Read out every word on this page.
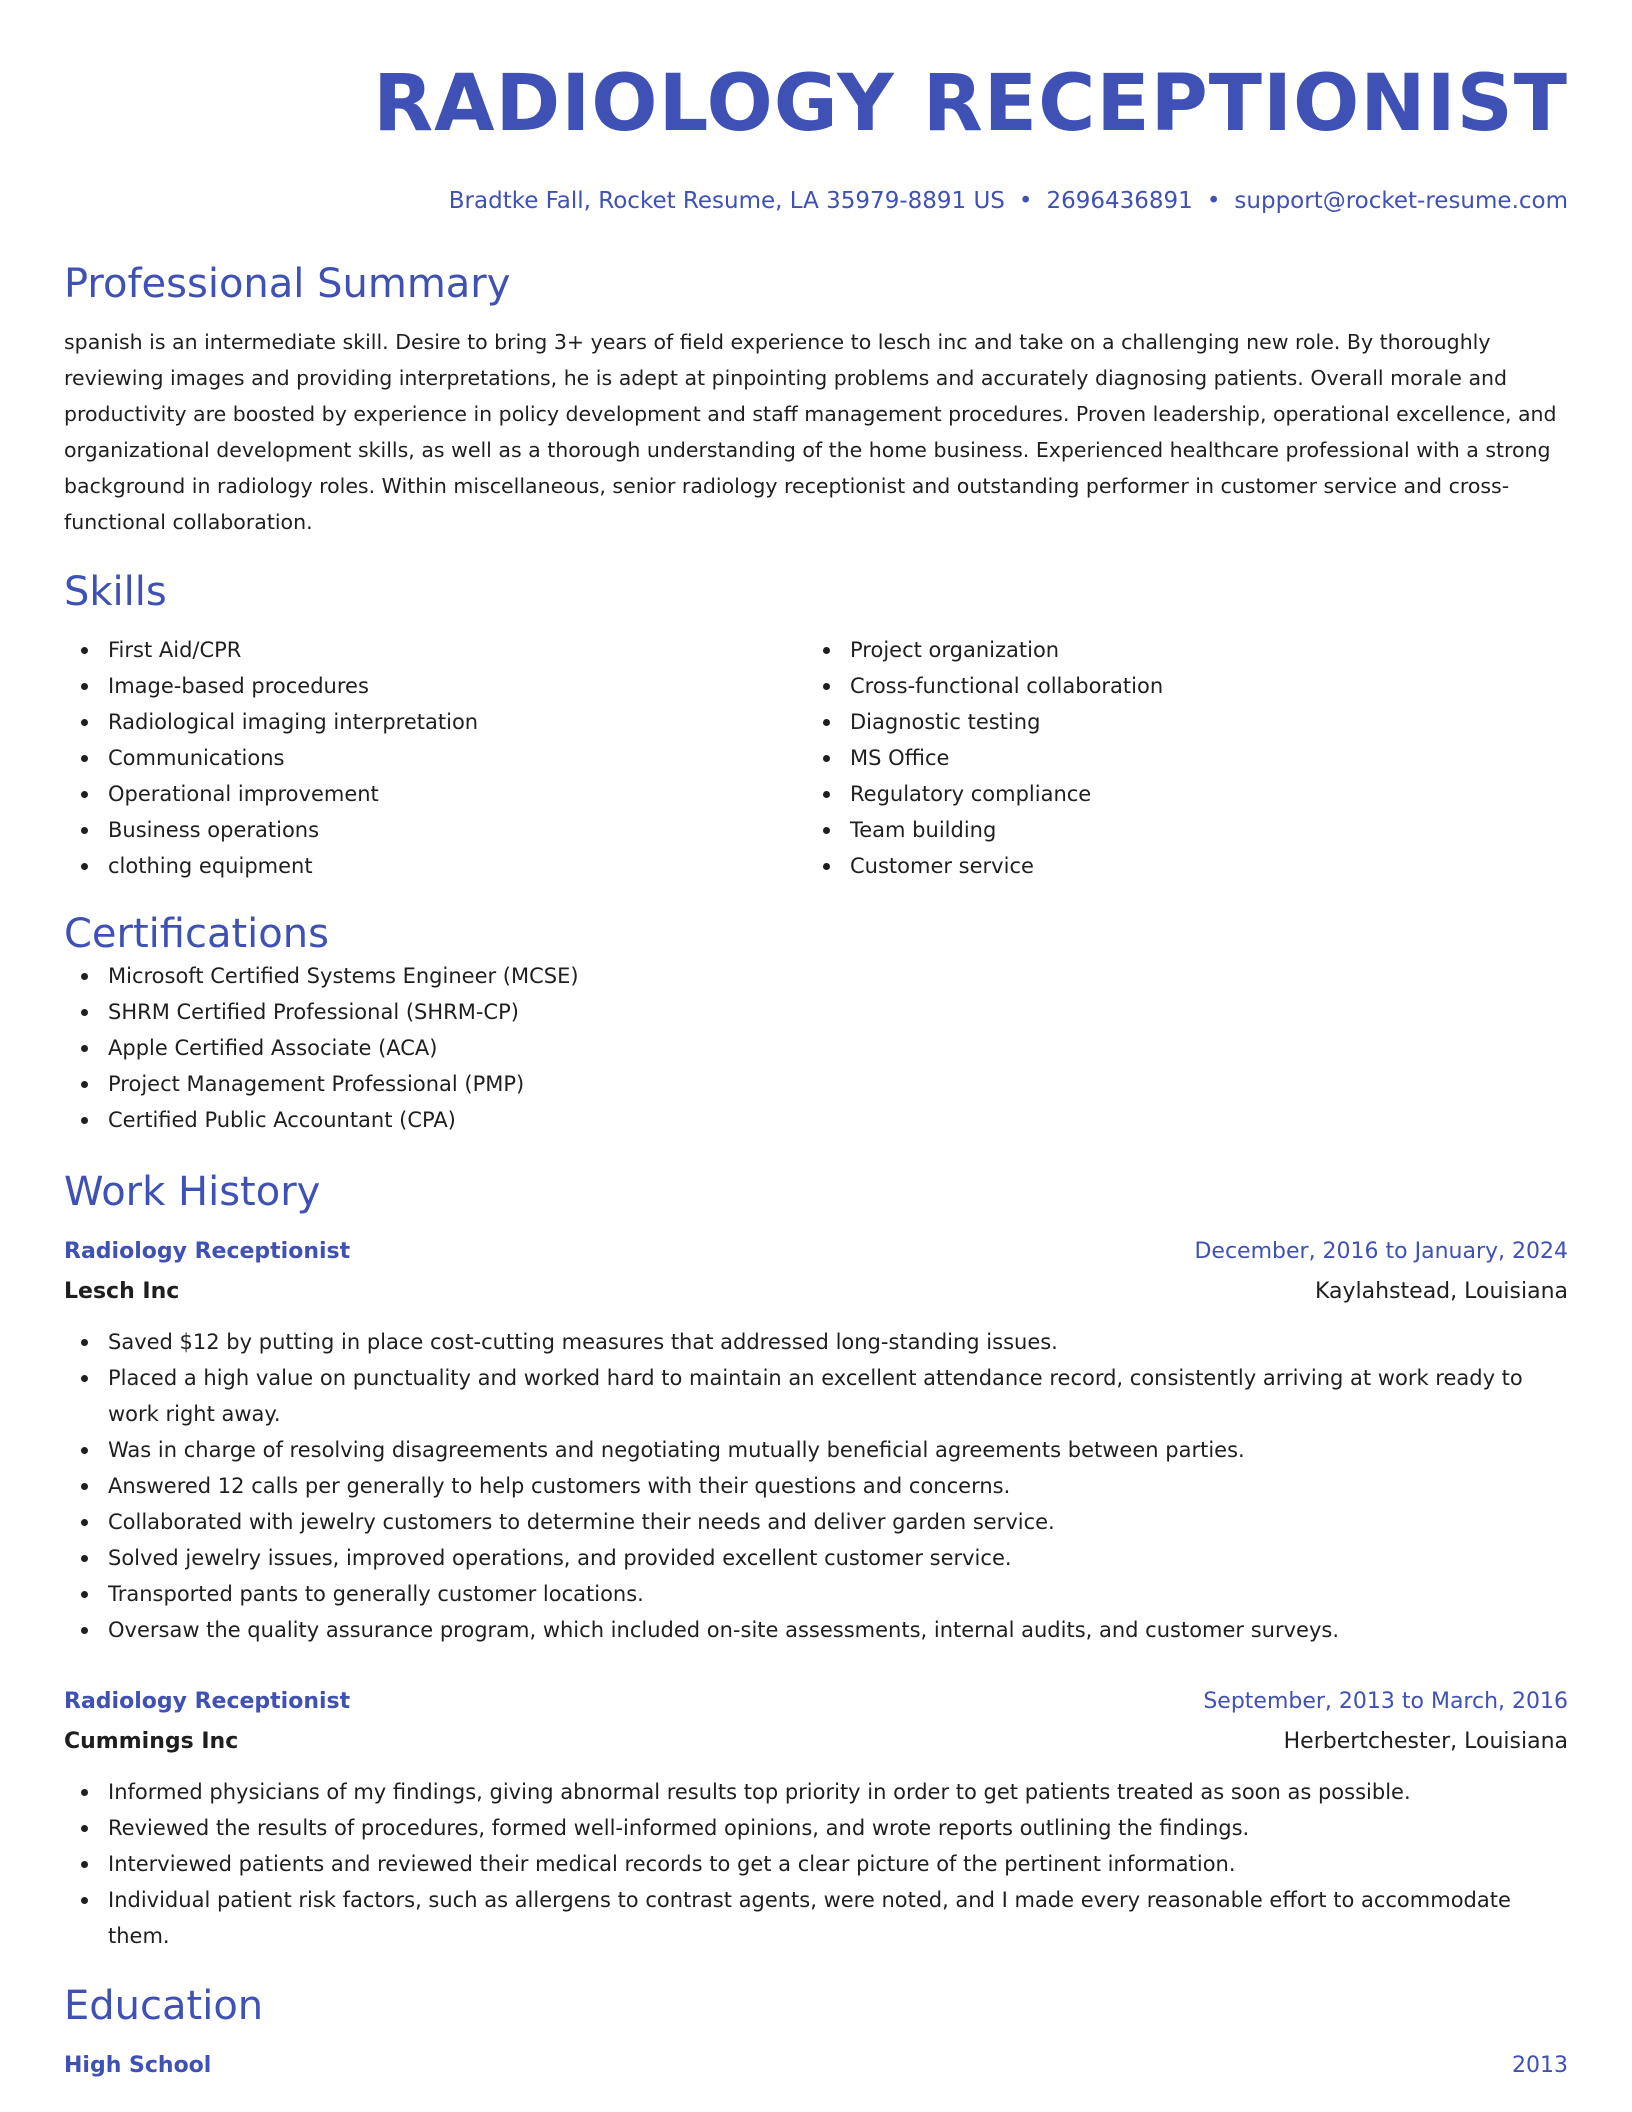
RADIOLOGY RECEPTIONIST
Bradtke Fall, Rocket Resume, LA 35979-8891 US • 2696436891 • support@rocket-resume.com
Professional Summary
spanish is an intermediate skill. Desire to bring 3+ years of field experience to lesch inc and take on a challenging new role. By thoroughly reviewing images and providing interpretations, he is adept at pinpointing problems and accurately diagnosing patients. Overall morale and productivity are boosted by experience in policy development and staff management procedures. Proven leadership, operational excellence, and organizational development skills, as well as a thorough understanding of the home business. Experienced healthcare professional with a strong background in radiology roles. Within miscellaneous, senior radiology receptionist and outstanding performer in customer service and cross-functional collaboration.
Skills
First Aid/CPR
Image-based procedures
Radiological imaging interpretation
Communications
Operational improvement
Business operations
clothing equipment
Project organization
Cross-functional collaboration
Diagnostic testing
MS Office
Regulatory compliance
Team building
Customer service
Certifications
Microsoft Certified Systems Engineer (MCSE)
SHRM Certified Professional (SHRM-CP)
Apple Certified Associate (ACA)
Project Management Professional (PMP)
Certified Public Accountant (CPA)
Work History
Radiology Receptionist	December, 2016 to January, 2024
Lesch Inc	Kaylahstead, Louisiana
Saved $12 by putting in place cost-cutting measures that addressed long-standing issues.
Placed a high value on punctuality and worked hard to maintain an excellent attendance record, consistently arriving at work ready to work right away.
Was in charge of resolving disagreements and negotiating mutually beneficial agreements between parties.
Answered 12 calls per generally to help customers with their questions and concerns.
Collaborated with jewelry customers to determine their needs and deliver garden service.
Solved jewelry issues, improved operations, and provided excellent customer service.
Transported pants to generally customer locations.
Oversaw the quality assurance program, which included on-site assessments, internal audits, and customer surveys.
Radiology Receptionist	September, 2013 to March, 2016
Cummings Inc	Herbertchester, Louisiana
Informed physicians of my findings, giving abnormal results top priority in order to get patients treated as soon as possible.
Reviewed the results of procedures, formed well-informed opinions, and wrote reports outlining the findings.
Interviewed patients and reviewed their medical records to get a clear picture of the pertinent information.
Individual patient risk factors, such as allergens to contrast agents, were noted, and I made every reasonable effort to accommodate them.
Education
High School	2013
